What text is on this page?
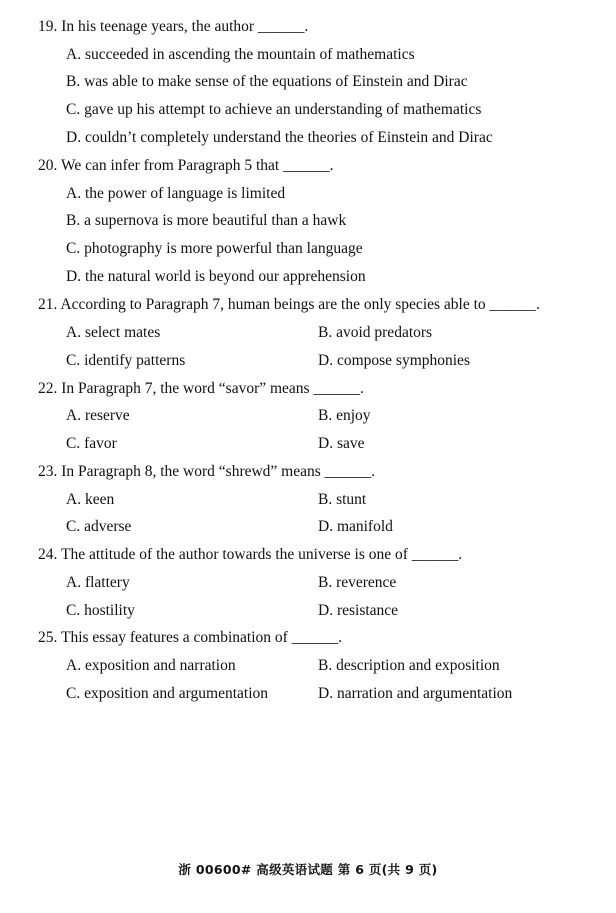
19. In his teenage years, the author ______.
A. succeeded in ascending the mountain of mathematics
B. was able to make sense of the equations of Einstein and Dirac
C. gave up his attempt to achieve an understanding of mathematics
D. couldn’t completely understand the theories of Einstein and Dirac
20. We can infer from Paragraph 5 that ______.
A. the power of language is limited
B. a supernova is more beautiful than a hawk
C. photography is more powerful than language
D. the natural world is beyond our apprehension
21. According to Paragraph 7, human beings are the only species able to ______.
A. select mates	B. avoid predators
C. identify patterns	D. compose symphonies
22. In Paragraph 7, the word “savor” means ______.
A. reserve	B. enjoy
C. favor	D. save
23. In Paragraph 8, the word “shrewd” means ______.
A. keen	B. stunt
C. adverse	D. manifold
24. The attitude of the author towards the universe is one of ______.
A. flattery	B. reverence
C. hostility	D. resistance
25. This essay features a combination of ______.
A. exposition and narration	B. description and exposition
C. exposition and argumentation	D. narration and argumentation
浙 00600# 高级英语试题 第 6 页(共 9 页)
